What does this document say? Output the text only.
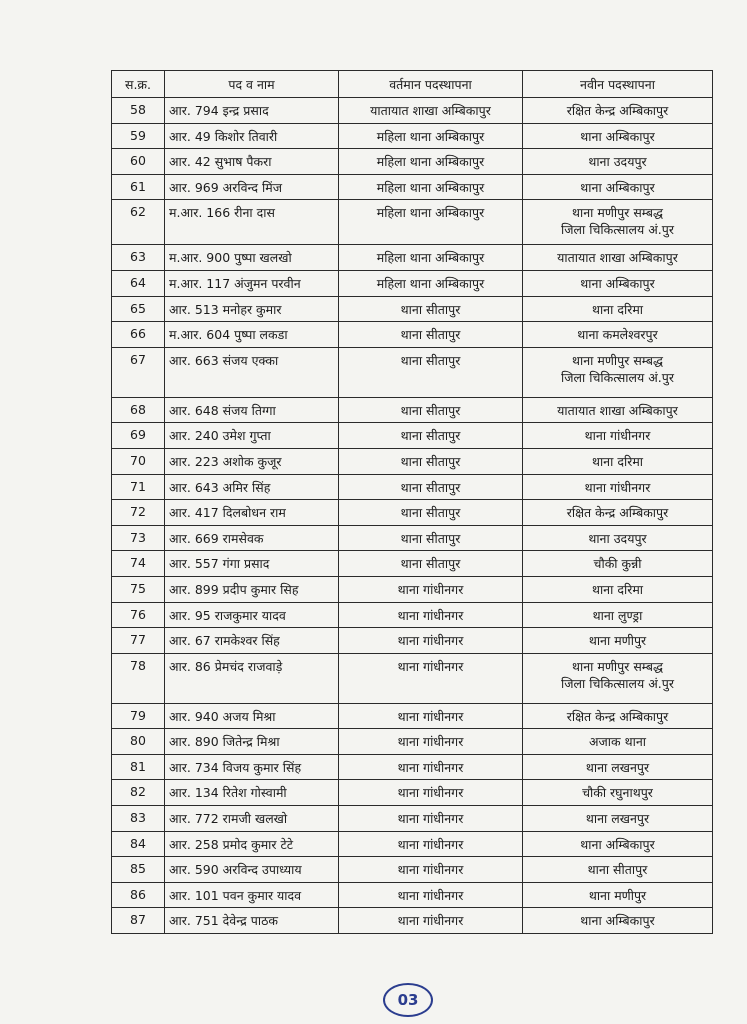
स.क्र.	पद व नाम	वर्तमान पदस्थापना	नवीन पदस्थापना
58	आर. 794 इन्द्र प्रसाद	यातायात शाखा अम्बिकापुर	रक्षित केन्द्र अम्बिकापुर

59	आर. 49 किशोर तिवारी	महिला थाना अम्बिकापुर	थाना अम्बिकापुर

60	आर. 42 सुभाष पैकरा	महिला थाना अम्बिकापुर	थाना उदयपुर

61	आर. 969 अरविन्द मिंज	महिला थाना अम्बिकापुर	थाना अम्बिकापुर

62	म.आर. 166 रीना दास	महिला थाना अम्बिकापुर	थाना मणीपुर सम्बद्ध
जिला चिकित्सालय अं.पुर

63	म.आर. 900 पुष्पा खलखो	महिला थाना अम्बिकापुर	यातायात शाखा अम्बिकापुर

64	म.आर. 117 अंजुमन परवीन	महिला थाना अम्बिकापुर	थाना अम्बिकापुर

65	आर. 513 मनोहर कुमार	थाना सीतापुर	थाना दरिमा

66	म.आर. 604 पुष्पा लकडा	थाना सीतापुर	थाना कमलेश्वरपुर

67	आर. 663 संजय एक्का	थाना सीतापुर	थाना मणीपुर सम्बद्ध
जिला चिकित्सालय अं.पुर

68	आर. 648 संजय तिग्गा	थाना सीतापुर	यातायात शाखा अम्बिकापुर

69	आर. 240 उमेश गुप्ता	थाना सीतापुर	थाना गांधीनगर

70	आर. 223 अशोक कुजूर	थाना सीतापुर	थाना दरिमा

71	आर. 643 अमिर सिंह	थाना सीतापुर	थाना गांधीनगर

72	आर. 417 दिलबोधन राम	थाना सीतापुर	रक्षित केन्द्र अम्बिकापुर

73	आर. 669 रामसेवक	थाना सीतापुर	थाना उदयपुर

74	आर. 557 गंगा प्रसाद	थाना सीतापुर	चौकी कुन्नी

75	आर. 899 प्रदीप कुमार सिह	थाना गांधीनगर	थाना दरिमा

76	आर. 95 राजकुमार यादव	थाना गांधीनगर	थाना लुण्ड्रा

77	आर. 67 रामकेश्वर सिंह	थाना गांधीनगर	थाना मणीपुर

78	आर. 86 प्रेमचंद राजवाड़े	थाना गांधीनगर	थाना मणीपुर सम्बद्ध
जिला चिकित्सालय अं.पुर

79	आर. 940 अजय मिश्रा	थाना गांधीनगर	रक्षित केन्द्र अम्बिकापुर

80	आर. 890 जितेन्द्र मिश्रा	थाना गांधीनगर	अजाक थाना

81	आर. 734 विजय कुमार सिंह	थाना गांधीनगर	थाना लखनपुर

82	आर. 134 रितेश गोस्वामी	थाना गांधीनगर	चौकी रघुनाथपुर

83	आर. 772 रामजी खलखो	थाना गांधीनगर	थाना लखनपुर

84	आर. 258 प्रमोद कुमार टेटे	थाना गांधीनगर	थाना अम्बिकापुर

85	आर. 590 अरविन्द उपाध्याय	थाना गांधीनगर	थाना सीतापुर

86	आर. 101 पवन कुमार यादव	थाना गांधीनगर	थाना मणीपुर

87	आर. 751 देवेन्द्र पाठक	थाना गांधीनगर	थाना अम्बिकापुर
03
